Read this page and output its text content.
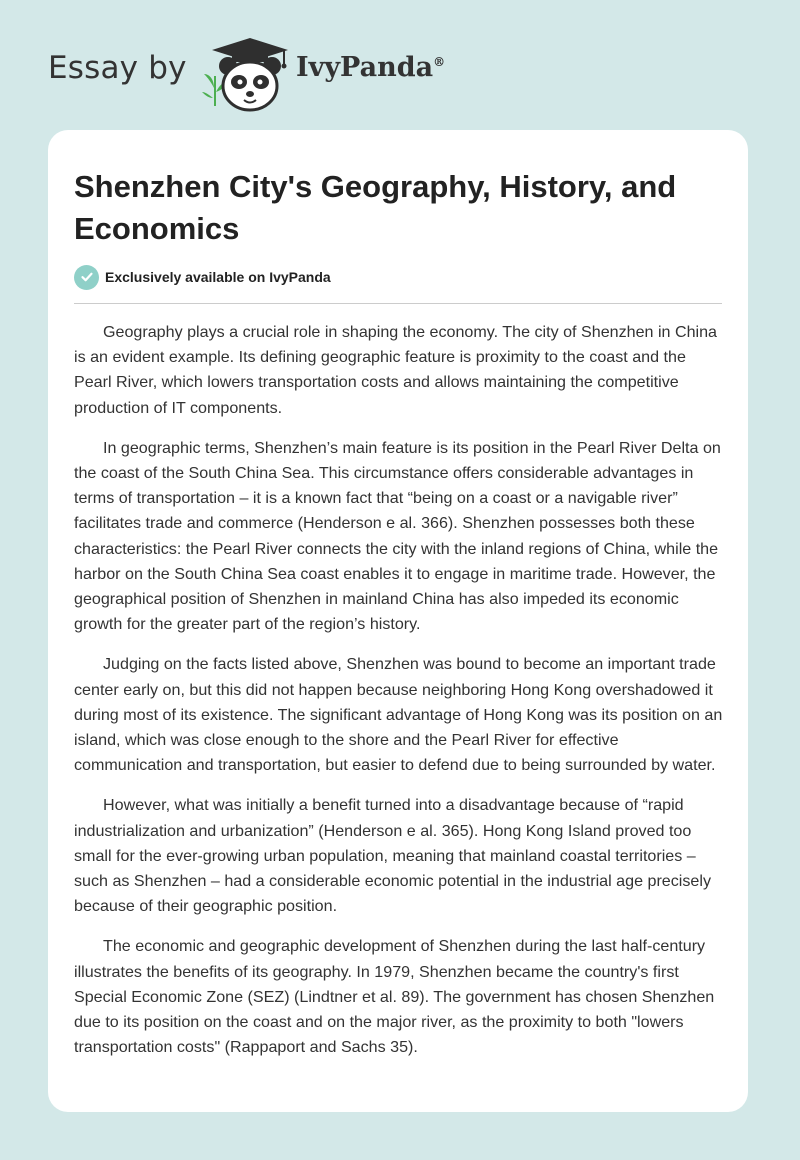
Essay by	IvyPanda®
Shenzhen City's Geography, History, and Economics
Exclusively available on IvyPanda

Geography plays a crucial role in shaping the economy. The city of Shenzhen in China is an evident example. Its defining geographic feature is proximity to the coast and the Pearl River, which lowers transportation costs and allows maintaining the competitive production of IT components.

In geographic terms, Shenzhen’s main feature is its position in the Pearl River Delta on the coast of the South China Sea. This circumstance offers considerable advantages in terms of transportation – it is a known fact that “being on a coast or a navigable river” facilitates trade and commerce (Henderson e al. 366). Shenzhen possesses both these characteristics: the Pearl River connects the city with the inland regions of China, while the harbor on the South China Sea coast enables it to engage in maritime trade. However, the geographical position of Shenzhen in mainland China has also impeded its economic growth for the greater part of the region’s history.

Judging on the facts listed above, Shenzhen was bound to become an important trade center early on, but this did not happen because neighboring Hong Kong overshadowed it during most of its existence. The significant advantage of Hong Kong was its position on an island, which was close enough to the shore and the Pearl River for effective communication and transportation, but easier to defend due to being surrounded by water.

However, what was initially a benefit turned into a disadvantage because of “rapid industrialization and urbanization” (Henderson e al. 365). Hong Kong Island proved too small for the ever-growing urban population, meaning that mainland coastal territories – such as Shenzhen – had a considerable economic potential in the industrial age precisely because of their geographic position.

The economic and geographic development of Shenzhen during the last half-century illustrates the benefits of its geography. In 1979, Shenzhen became the country's first Special Economic Zone (SEZ) (Lindtner et al. 89). The government has chosen Shenzhen due to its position on the coast and on the major river, as the proximity to both "lowers transportation costs" (Rappaport and Sachs 35).
